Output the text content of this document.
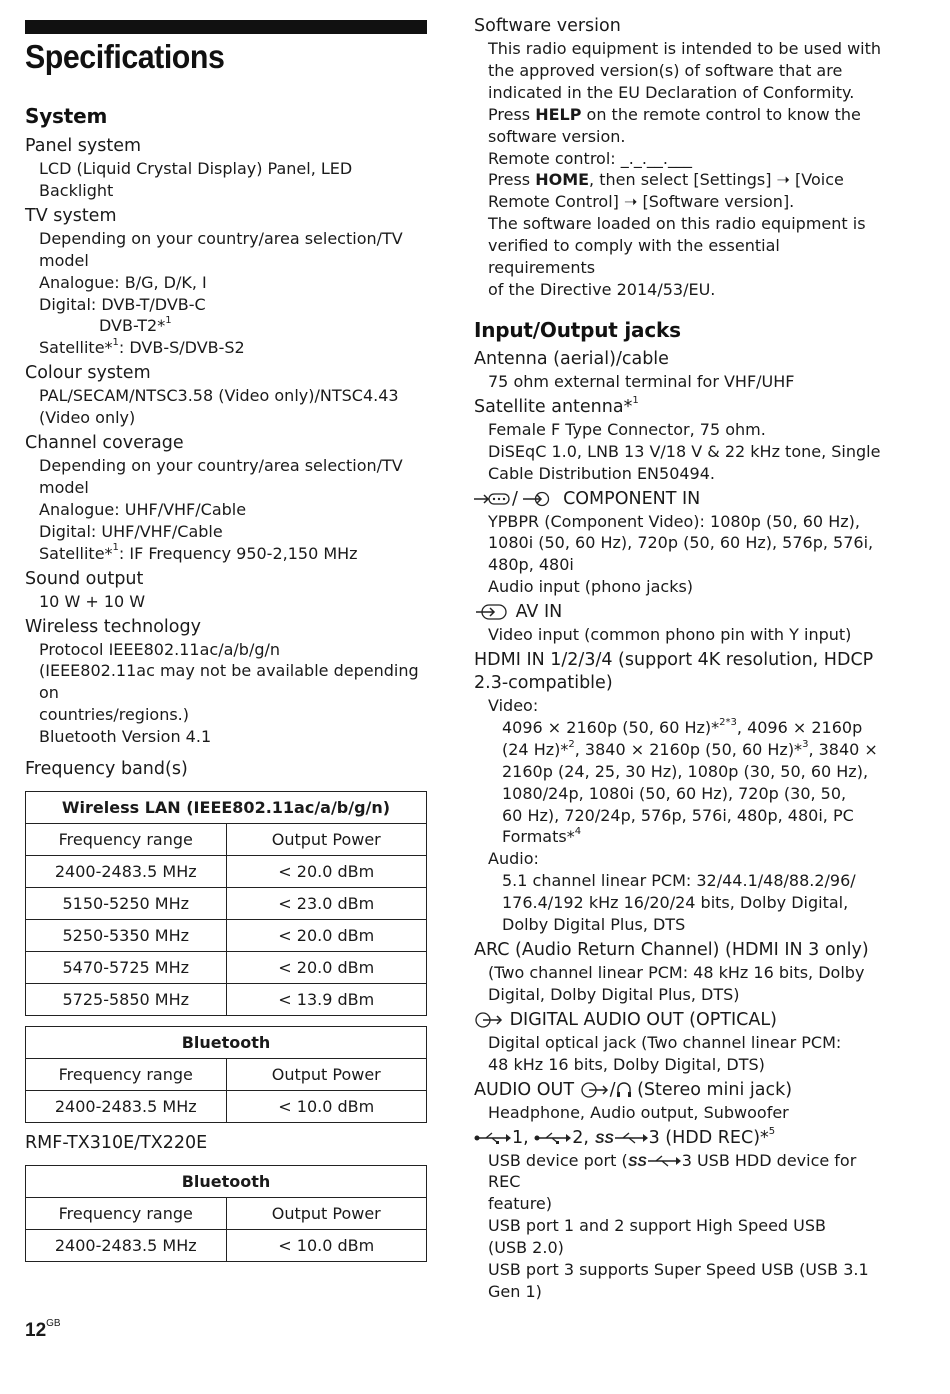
Specifications
System
Panel system
LCD (Liquid Crystal Display) Panel, LED Backlight
TV system
Depending on your country/area selection/TV
model
Analogue: B/G, D/K, I
Digital: DVB-T/DVB-C
DVB-T2*$^1$
Satellite*$^1$: DVB-S/DVB-S2
Colour system
PAL/SECAM/NTSC3.58 (Video only)/NTSC4.43
(Video only)
Channel coverage
Depending on your country/area selection/TV
model
Analogue: UHF/VHF/Cable
Digital: UHF/VHF/Cable
Satellite*$^1$: IF Frequency 950-2,150 MHz
Sound output
10 W + 10 W
Wireless technology
Protocol IEEE802.11ac/a/b/g/n
(IEEE802.11ac may not be available depending on
countries/regions.)
Bluetooth Version 4.1
Frequency band(s)
Wireless LAN (IEEE802.11ac/a/b/g/n)	
Frequency range	Output Power
2400-2483.5 MHz	< 20.0 dBm
5150-5250 MHz	< 23.0 dBm
5250-5350 MHz	< 20.0 dBm
5470-5725 MHz	< 20.0 dBm
5725-5850 MHz	< 13.9 dBm
Bluetooth	
Frequency range	Output Power
2400-2483.5 MHz	< 10.0 dBm
RMF-TX310E/TX220E
Bluetooth	
Frequency range	Output Power
2400-2483.5 MHz	< 10.0 dBm
Software version
This radio equipment is intended to be used with
the approved version(s) of software that are
indicated in the EU Declaration of Conformity.
Press HELP on the remote control to know the
software version.
Remote control: _._.__.___
Press HOME, then select [Settings] ➝ [Voice
Remote Control] ➝ [Software version].
The software loaded on this radio equipment is
verified to comply with the essential requirements
of the Directive 2014/53/EU.
Input/Output jacks
Antenna (aerial)/cable
75 ohm external terminal for VHF/UHF
Satellite antenna*$^1$
Female F Type Connector, 75 ohm.
DiSEqC 1.0, LNB 13 V/18 V & 22 kHz tone, Single
Cable Distribution EN50494.
/	COMPONENT IN
YPBPR (Component Video): 1080p (50, 60 Hz),
1080i (50, 60 Hz), 720p (50, 60 Hz), 576p, 576i,
480p, 480i
Audio input (phono jacks)
AV IN
Video input (common phono pin with Y input)
HDMI IN 1/2/3/4 (support 4K resolution, HDCP
2.3-compatible)
Video:
4096 × 2160p (50, 60 Hz)*$^{2*3}$, 4096 × 2160p
(24 Hz)*$^2$, 3840 × 2160p (50, 60 Hz)*$^3$, 3840 ×
2160p (24, 25, 30 Hz), 1080p (30, 50, 60 Hz),
1080/24p, 1080i (50, 60 Hz), 720p (30, 50,
60 Hz), 720/24p, 576p, 576i, 480p, 480i, PC
Formats*$^4$
Audio:
5.1 channel linear PCM: 32/44.1/48/88.2/96/
176.4/192 kHz 16/20/24 bits, Dolby Digital,
Dolby Digital Plus, DTS
ARC (Audio Return Channel) (HDMI IN 3 only)
(Two channel linear PCM: 48 kHz 16 bits, Dolby
Digital, Dolby Digital Plus, DTS)
DIGITAL AUDIO OUT (OPTICAL)
Digital optical jack (Two channel linear PCM:
48 kHz 16 bits, Dolby Digital, DTS)
AUDIO OUT / (Stereo mini jack)
Headphone, Audio output, Subwoofer
1, 2, SS 3 (HDD REC)*$^5$
USB device port ( SS 3 USB HDD device for REC
feature)
USB port 1 and 2 support High Speed USB
(USB 2.0)
USB port 3 supports Super Speed USB (USB 3.1
Gen 1)
$12^{GB}$
